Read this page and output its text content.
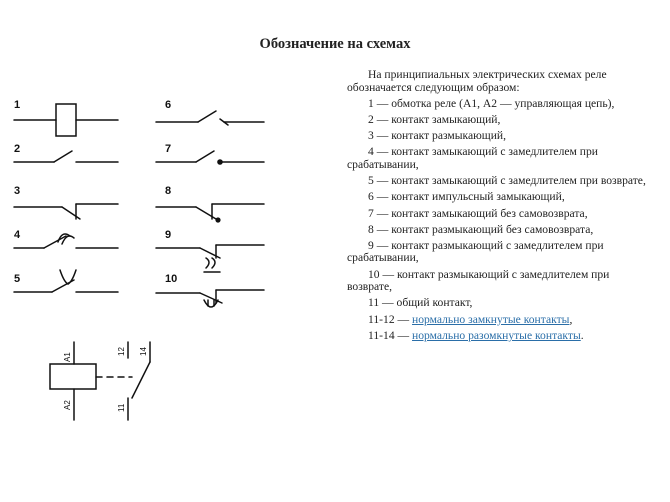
Обозначение на схемах
1
2
3
4
5
6
7
8
9
10
A1
A2
12 14
11

На принципиальных электрических схемах реле обозначается следующим образом:

1 — обмотка реле (А1, А2 — управляющая цепь),

2 — контакт замыкающий,

3 — контакт размыкающий,

4 — контакт замыкающий с замедлителем при срабатывании,

5 — контакт замыкающий с замедлителем при возврате,

6 — контакт импульсный замыкающий,

7 — контакт замыкающий без самовозврата,

8 — контакт размыкающий без самовозврата,

9 — контакт размыкающий с замедлителем при срабатывании,

10 — контакт размыкающий с замедлителем при возврате,

11 — общий контакт,

11-12 — нормально замкнутые контакты,

11-14 — нормально разомкнутые контакты.
